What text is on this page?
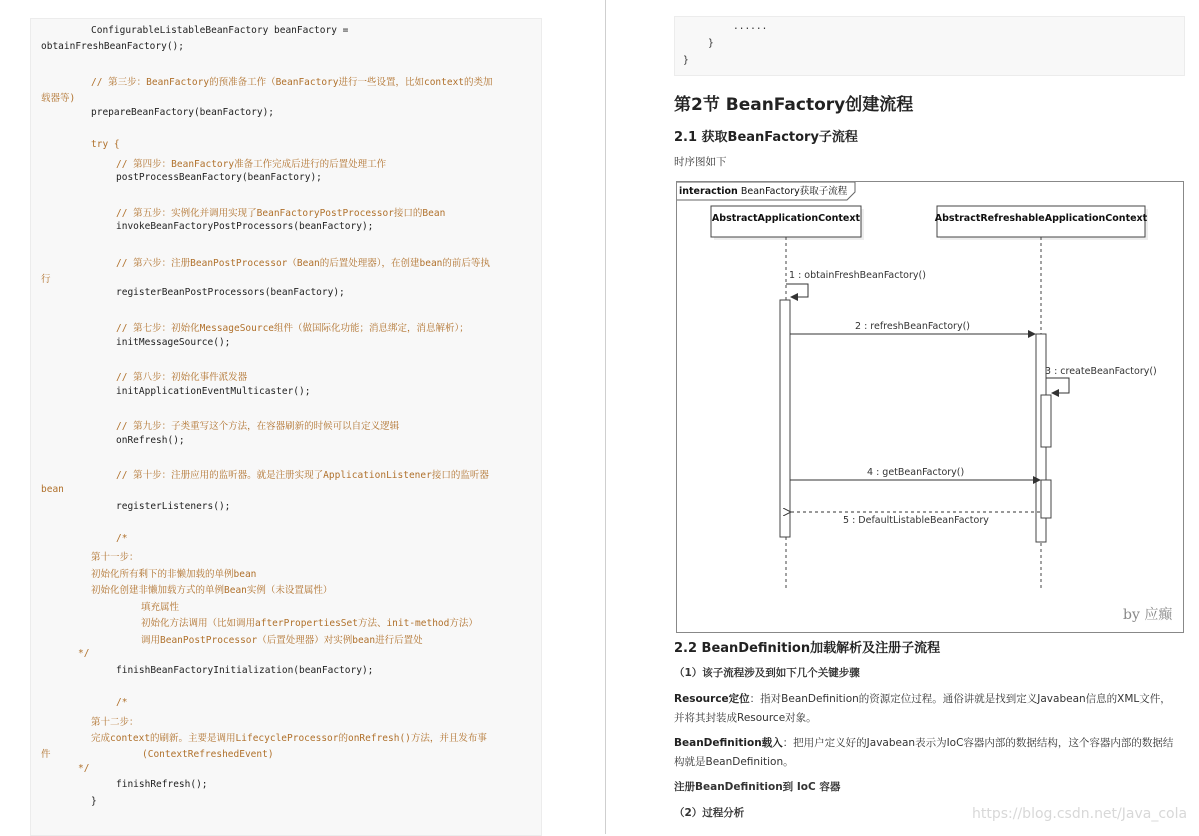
ConfigurableListableBeanFactory beanFactory =
obtainFreshBeanFactory();
// 第三步：BeanFactory的预准备工作（BeanFactory进行一些设置，比如context的类加
载器等)
prepareBeanFactory(beanFactory);
try {
// 第四步：BeanFactory准备工作完成后进行的后置处理工作
postProcessBeanFactory(beanFactory);
// 第五步：实例化并调用实现了BeanFactoryPostProcessor接口的Bean
invokeBeanFactoryPostProcessors(beanFactory);
// 第六步：注册BeanPostProcessor（Bean的后置处理器），在创建bean的前后等执
行
registerBeanPostProcessors(beanFactory);
// 第七步：初始化MessageSource组件（做国际化功能；消息绑定，消息解析）；
initMessageSource();
// 第八步：初始化事件派发器
initApplicationEventMulticaster();
// 第九步：子类重写这个方法，在容器刷新的时候可以自定义逻辑
onRefresh();
// 第十步：注册应用的监听器。就是注册实现了ApplicationListener接口的监听器
bean
registerListeners();
/*
第十一步：
初始化所有剩下的非懒加载的单例bean
初始化创建非懒加载方式的单例Bean实例（未设置属性）
填充属性
初始化方法调用（比如调用afterPropertiesSet方法、init-method方法）
调用BeanPostProcessor（后置处理器）对实例bean进行后置处
*/
finishBeanFactoryInitialization(beanFactory);
/*
第十二步：
完成context的刷新。主要是调用LifecycleProcessor的onRefresh()方法，并且发布事
件                (ContextRefreshedEvent)
*/
finishRefresh();
}
......
}
}
第2节 BeanFactory创建流程
2.1 获取BeanFactory子流程
时序图如下
interaction BeanFactory获取子流程
AbstractApplicationContext	AbstractRefreshableApplicationContext
1 : obtainFreshBeanFactory()
2 : refreshBeanFactory()
3 : createBeanFactory()
4 : getBeanFactory()
5 : DefaultListableBeanFactory
by 应癫
2.2 BeanDefinition加载解析及注册子流程
（1）该子流程涉及到如下几个关键步骤
Resource定位：指对BeanDefinition的资源定位过程。通俗讲就是找到定义Javabean信息的XML文件，并将其封装成Resource对象。
BeanDefinition载入：把用户定义好的Javabean表示为IoC容器内部的数据结构，这个容器内部的数据结构就是BeanDefinition。
注册BeanDefinition到 IoC 容器
（2）过程分析	https://blog.csdn.net/Java_cola
